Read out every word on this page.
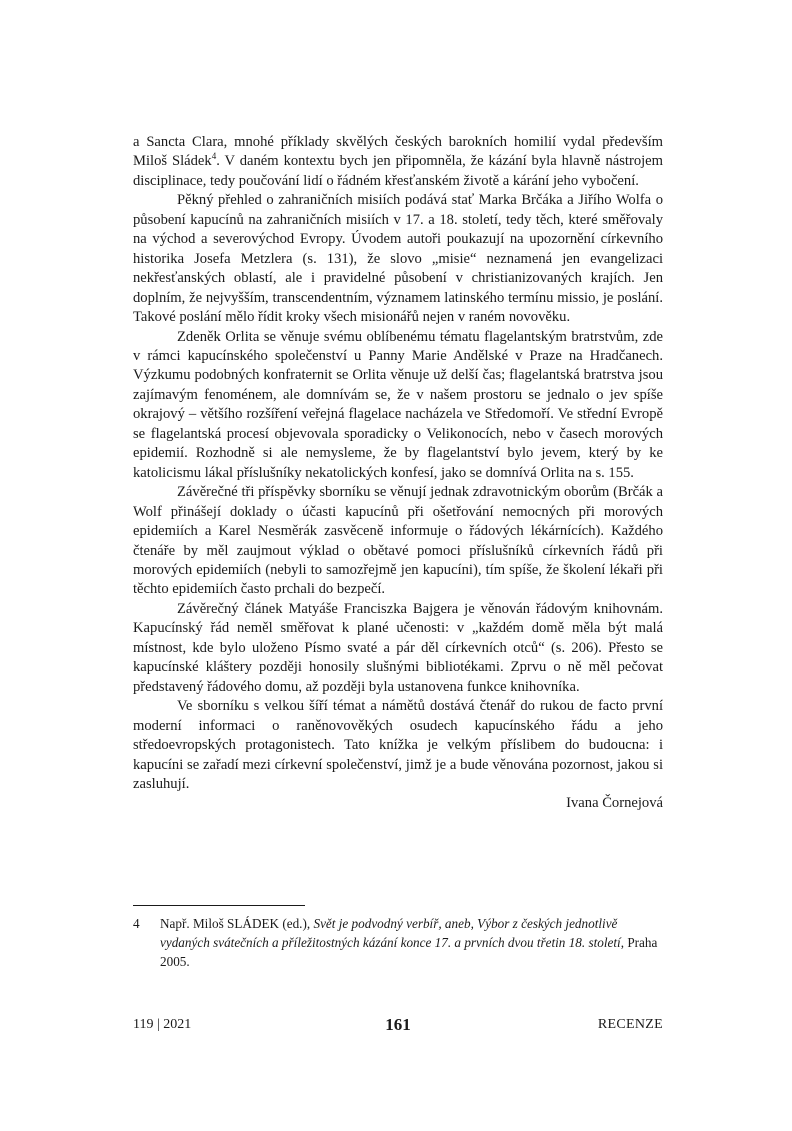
a Sancta Clara, mnohé příklady skvělých českých barokních homilií vydal především Miloš Sládek$^4$. V daném kontextu bych jen připomněla, že kázání byla hlavně nástrojem disciplinace, tedy poučování lidí o řádném křesťanském životě a kárání jeho vybočení.

Pěkný přehled o zahraničních misiích podává stať Marka Brčáka a Jiřího Wolfa o působení kapucínů na zahraničních misiích v 17. a 18. století, tedy těch, které směřovaly na východ a severovýchod Evropy. Úvodem autoři poukazují na upozornění církevního historika Josefa Metzlera (s. 131), že slovo „misie“ neznamená jen evangelizaci nekřesťanských oblastí, ale i pravidelné působení v christianizovaných krajích. Jen doplním, že nejvyšším, transcendentním, významem latinského termínu missio, je poslání. Takové poslání mělo řídit kroky všech misionářů nejen v raném novověku.

Zdeněk Orlita se věnuje svému oblíbenému tématu flagelantským bratrstvům, zde v rámci kapucínského společenství u Panny Marie Andělské v Praze na Hradčanech. Výzkumu podobných konfraternit se Orlita věnuje už delší čas; flagelantská bratrstva jsou zajímavým fenoménem, ale domnívám se, že v našem prostoru se jednalo o jev spíše okrajový – většího rozšíření veřejná flagelace nacházela ve Středomoří. Ve střední Evropě se flagelantská procesí objevovala sporadicky o Velikonocích, nebo v časech morových epidemií. Rozhodně si ale nemysleme, že by flagelantství bylo jevem, který by ke katolicismu lákal příslušníky nekatolických konfesí, jako se domnívá Orlita na s. 155.

Závěrečné tři příspěvky sborníku se věnují jednak zdravotnickým oborům (Brčák a Wolf přinášejí doklady o účasti kapucínů při ošetřování nemocných při morových epidemiích a Karel Nesměrák zasvěceně informuje o řádových lékárnících). Každého čtenáře by měl zaujmout výklad o obětavé pomoci příslušníků církevních řádů při morových epidemiích (nebyli to samozřejmě jen kapucíni), tím spíše, že školení lékaři při těchto epidemiích často prchali do bezpečí.

Závěrečný článek Matyáše Franciszka Bajgera je věnován řádovým knihovnám. Kapucínský řád neměl směřovat k plané učenosti: v „každém domě měla být malá místnost, kde bylo uloženo Písmo svaté a pár děl církevních otců“ (s. 206). Přesto se kapucínské kláštery později honosily slušnými bibliotékami. Zprvu o ně měl pečovat představený řádového domu, až později byla ustanovena funkce knihovníka.

Ve sborníku s velkou šíří témat a námětů dostává čtenář do rukou de facto první moderní informaci o raněnovověkých osudech kapucínského řádu a jeho středoevropských protagonistech. Tato knížka je velkým příslibem do budoucna: i kapucíni se zařadí mezi církevní společenství, jimž je a bude věnována pozornost, jakou si zasluhují.

Ivana Čornejová

4	Např. Miloš SLÁDEK (ed.), Svět je podvodný verbíř, aneb, Výbor z českých jednotlivě vydaných svátečních a příležitostných kázání konce 17. a prvních dvou třetin 18. století, Praha 2005.
119 | 2021	161	RECENZE
